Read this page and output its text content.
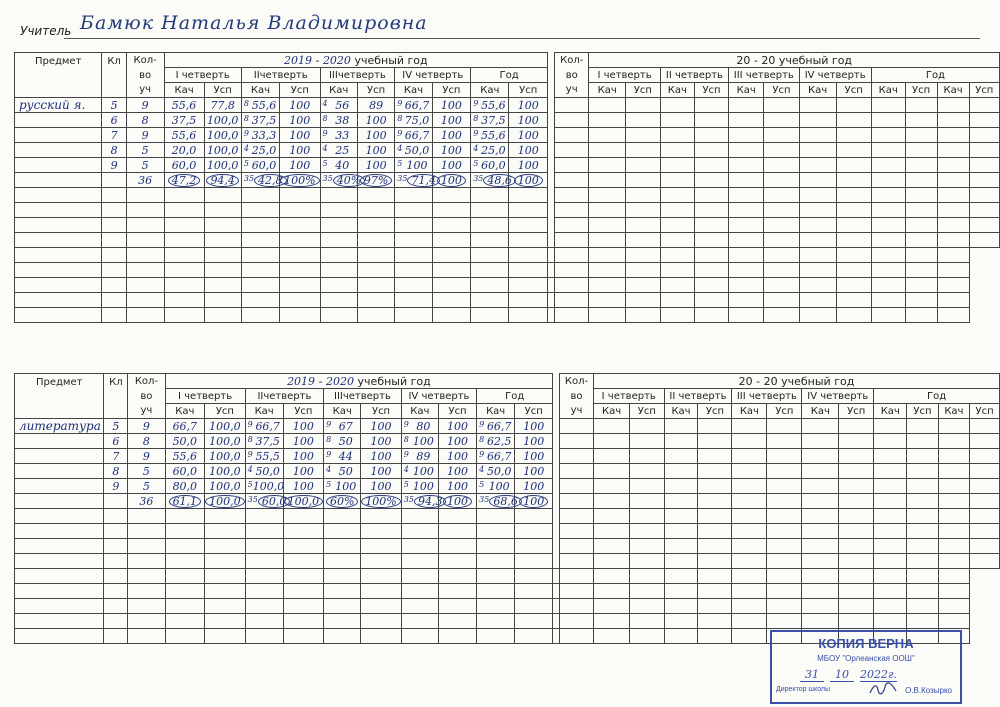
Учитель Бамюк Наталья Владимировна
Предмет	Кл	Кол-	2019 - 2020 учебный год											Кол-	20 - 20 учебный год											
		во	I четверть		IIчетверть		IIIчетверть		IV четверть		Год			во	I четверть		II четверть		III четверть		IV четверть		Год			
		уч	Кач	Усп	Кач	Усп	Кач	Усп	Кач	Усп	Кач	Усп		уч	Кач	Усп	Кач	Усп	Кач	Усп	Кач	Усп	Кач	Усп	Кач	Усп
русский я.	5	9	55,6	77,8	8 55,6	100	4 56	89	9 66,7	100	9 55,6	100														
	6	8	37,5	100,0	8 37,5	100	8 38	100	8 75,0	100	8 37,5	100														
	7	9	55,6	100,0	9 33,3	100	9 33	100	9 66,7	100	9 55,6	100														
	8	5	20,0	100,0	4 25,0	100	4 25	100	4 50,0	100	4 25,0	100														
	9	5	60,0	100,0	5 60,0	100	5 40	100	5 100	100	5 60,0	100														
		36	47,2	94,4	35 42,8	100%	35 40%	97%	35 71,4	100	35 48,6	100														

Предмет	Кл	Кол-	2019 - 2020 учебный год											Кол-	20 - 20 учебный год											
		во	I четверть		IIчетверть		IIIчетверть		IV четверть		Год			во	I четверть		II четверть		III четверть		IV четверть		Год			
		уч	Кач	Усп	Кач	Усп	Кач	Усп	Кач	Усп	Кач	Усп		уч	Кач	Усп	Кач	Усп	Кач	Усп	Кач	Усп	Кач	Усп	Кач	Усп
литература	5	9	66,7	100,0	9 66,7	100	9 67	100	9 80	100	9 66,7	100														
	6	8	50,0	100,0	8 37,5	100	8 50	100	8 100	100	8 62,5	100														
	7	9	55,6	100,0	9 55,5	100	9 44	100	9 89	100	9 66,7	100														
	8	5	60,0	100,0	4 50,0	100	4 50	100	4 100	100	4 50,0	100														
	9	5	80,0	100,0	5 100,0	100	5 100	100	5 100	100	5 100	100														
		36	61,1	100,0	35 60,0	100,0	60%	100%	35 94,3	100	35 68,6	100														

КОПИЯ ВЕРНА
МБОУ "Орлеанская ООШ"
31 10 2022г.
Директор школы	О.В.Козырко
